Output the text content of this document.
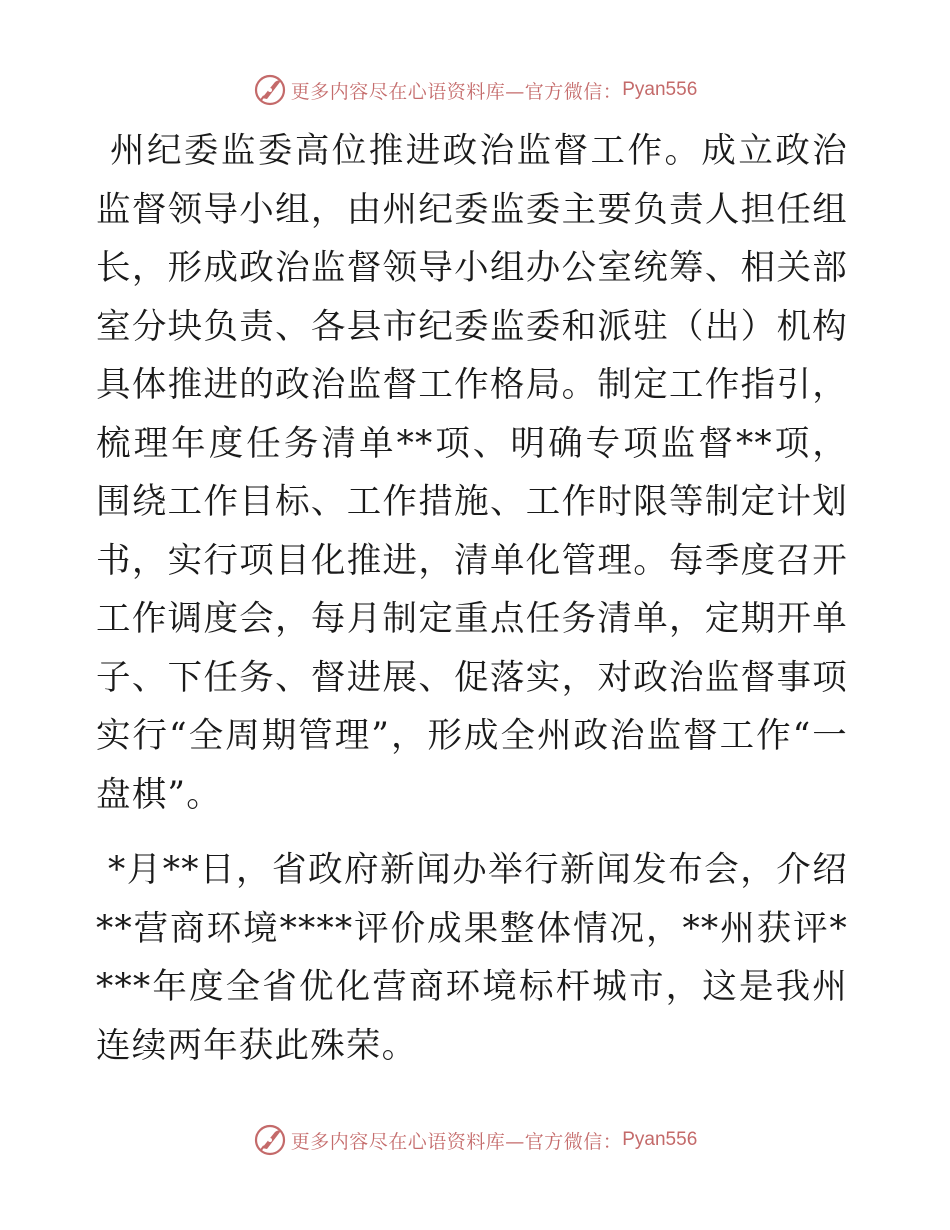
更多内容尽在心语资料库—官方微信： Pyan556

州纪委监委高位推进政治监督工作。成立政治监督领导小组，由州纪委监委主要负责人担任组长，形成政治监督领导小组办公室统筹、相关部室分块负责、各县市纪委监委和派驻（出）机构具体推进的政治监督工作格局。制定工作指引，梳理年度任务清单**项、明确专项监督**项，围绕工作目标、工作措施、工作时限等制定计划书，实行项目化推进，清单化管理。每季度召开工作调度会，每月制定重点任务清单，定期开单子、下任务、督进展、促落实，对政治监督事项实行“全周期管理”，形成全州政治监督工作“一盘棋”。

*月**日，省政府新闻办举行新闻发布会，介绍**营商环境****评价成果整体情况，**州获评****年度全省优化营商环境标杆城市，这是我州连续两年获此殊荣。

更多内容尽在心语资料库—官方微信： Pyan556
